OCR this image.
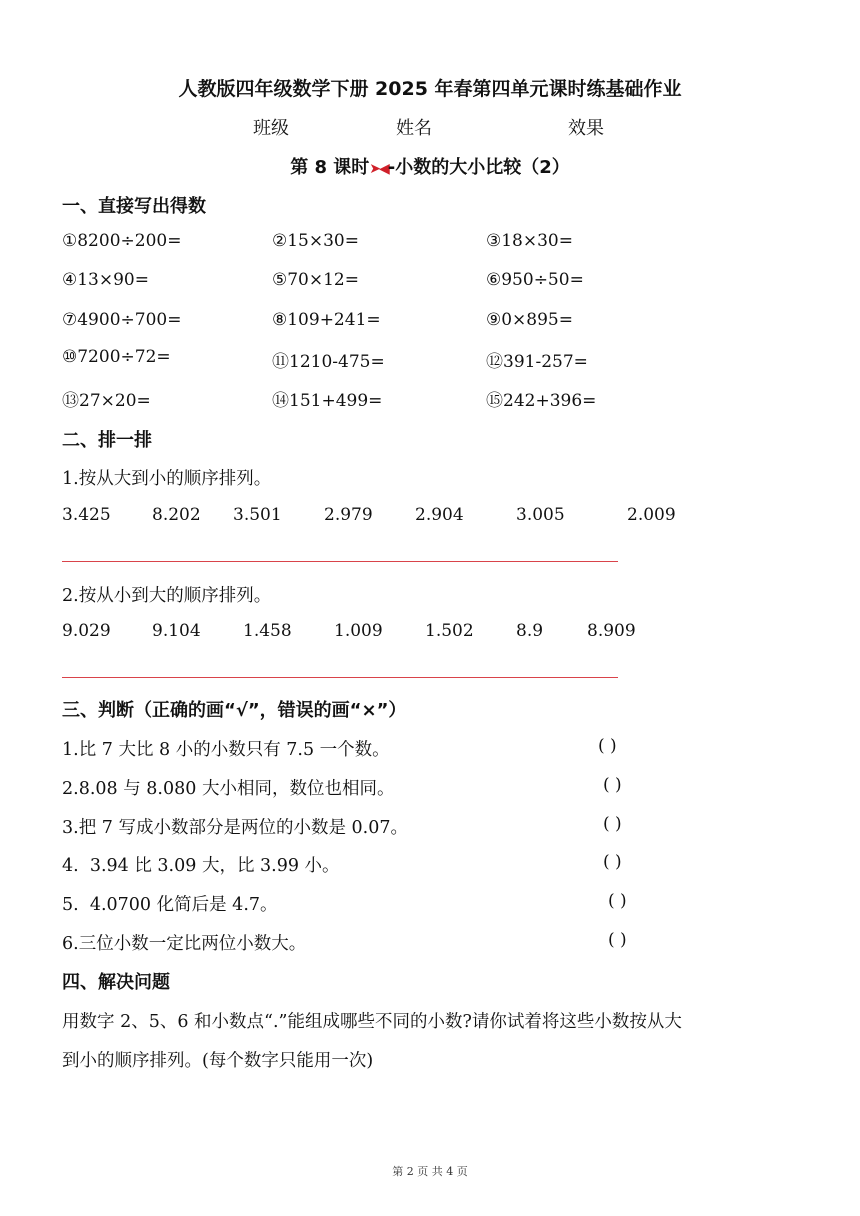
人教版四年级数学下册 2025 年春第四单元课时练基础作业
班级	姓名	效果
第 8 课时➤◀-小数的大小比较（2）
一、直接写出得数
①8200÷200=	②15×30=	③18×30=
④13×90=	⑤70×12=	⑥950÷50=
⑦4900÷700=	⑧109+241=	⑨0×895=
⑩7200÷72=	⑪1210-475=	⑫391-257=
⑬27×20=	⑭151+499=	⑮242+396=
二、排一排
1.按从大到小的顺序排列。
3.425 8.202 3.501 2.979 2.904	3.005	2.009
2.按从小到大的顺序排列。
9.029 9.104 1.458 1.009 1.502 8.9	8.909
三、判断（正确的画“√”，错误的画“×”）
1.比 7 大比 8 小的小数只有 7.5 一个数。	( )
2.8.08 与 8.080 大小相同，数位也相同。	( )
3.把 7 写成小数部分是两位的小数是 0.07。	( )
4.  3.94 比 3.09 大，比 3.99 小。	( )
5.  4.0700 化简后是 4.7。	( )
6.三位小数一定比两位小数大。	( )
四、解决问题
用数字 2、5、6 和小数点“.”能组成哪些不同的小数?请你试着将这些小数按从大
到小的顺序排列。(每个数字只能用一次)
第 2 页 共 4 页
